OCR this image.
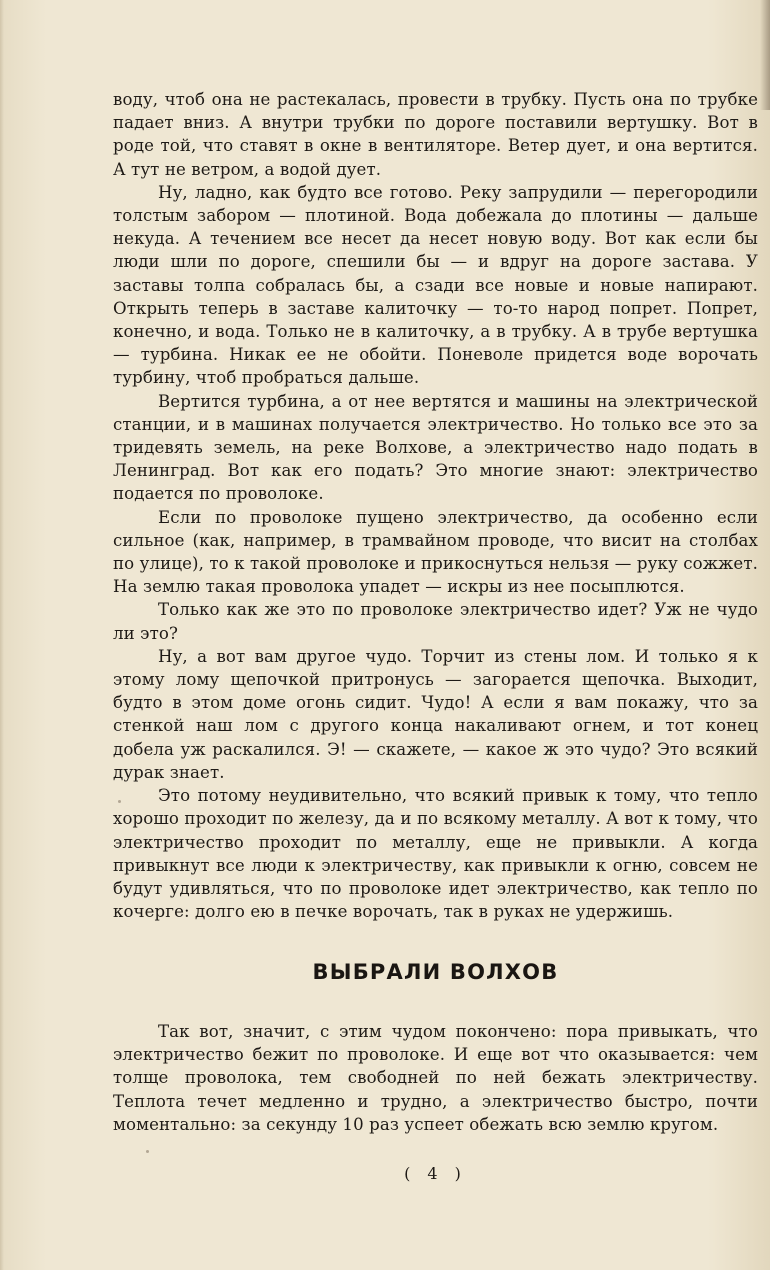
воду, чтоб она не растекалась, провести в трубку. Пусть она по трубке падает вниз. А внутри трубки по дороге поставили вертушку. Вот в роде той, что ставят в окне в вентиляторе. Ветер дует, и она вертится. А тут не ветром, а водой дует.

Ну, ладно, как будто все готово. Реку запрудили — перегородили толстым забором — плотиной. Вода добежала до плотины — дальше некуда. А течением все несет да несет новую воду. Вот как если бы люди шли по дороге, спешили бы — и вдруг на дороге застава. У заставы толпа собралась бы, а сзади все новые и новые напирают. Открыть теперь в заставе калиточку — то-то народ попрет. Попрет, конечно, и вода. Только не в калиточку, а в трубку. А в трубе вертушка — турбина. Никак ее не обойти. Поневоле придется воде ворочать турбину, чтоб пробраться дальше.

Вертится турбина, а от нее вертятся и машины на электрической станции, и в машинах получается электричество. Но только все это за тридевять земель, на реке Волхове, а электричество надо подать в Ленинград. Вот как его подать? Это многие знают: электричество подается по проволоке.

Если по проволоке пущено электричество, да особенно если сильное (как, например, в трамвайном проводе, что висит на столбах по улице), то к такой проволоке и прикоснуться нельзя — руку сожжет. На землю такая проволока упадет — искры из нее посыплются.

Только как же это по проволоке электричество идет? Уж не чудо ли это?

Ну, а вот вам другое чудо. Торчит из стены лом. И только я к этому лому щепочкой притронусь — загорается щепочка. Выходит, будто в этом доме огонь сидит. Чудо! А если я вам покажу, что за стенкой наш лом с другого конца накаливают огнем, и тот конец добела уж раскалился. Э! — скажете, — какое ж это чудо? Это всякий дурак знает.

Это потому неудивительно, что всякий привык к тому, что тепло хорошо проходит по железу, да и по всякому металлу. А вот к тому, что электричество проходит по металлу, еще не привыкли. А когда привыкнут все люди к электричеству, как привыкли к огню, совсем не будут удивляться, что по проволоке идет электричество, как тепло по кочерге: долго ею в печке ворочать, так в руках не удержишь.

ВЫБРАЛИ ВОЛХОВ

Так вот, значит, с этим чудом покончено: пора привыкать, что электричество бежит по проволоке. И еще вот что оказывается: чем толще проволока, тем свободней по ней бежать электричеству. Теплота течет медленно и трудно, а электричество быстро, почти моментально: за секунду 10 раз успеет обежать всю землю кругом.

( 4 )
